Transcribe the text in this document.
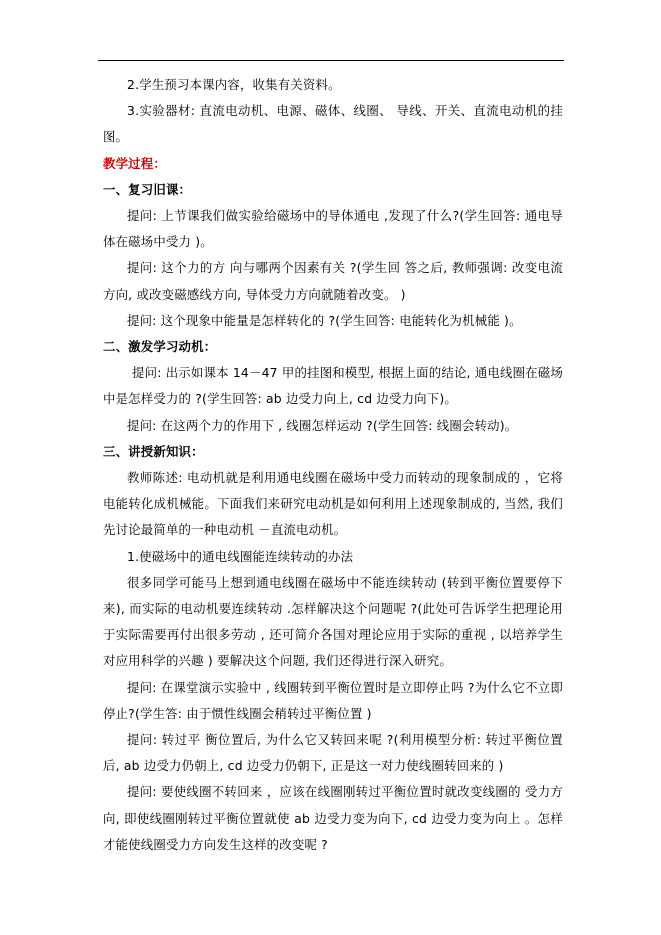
2.学生预习本课内容，收集有关资料。

3.实验器材: 直流电动机、电源、磁体、线圈、 导线、开关、直流电动机的挂图。

教学过程：

一、复习旧课：

提问: 上节课我们做实验给磁场中的导体通电 ,发现了什么?(学生回答: 通电导体在磁场中受力 )。

提问: 这个力的方 向与哪两个因素有关 ?(学生回 答之后, 教师强调: 改变电流方向, 或改变磁感线方向, 导体受力方向就随着改变。 )

提问: 这个现象中能量是怎样转化的 ?(学生回答: 电能转化为机械能 )。

二、激发学习动机：

提问: 出示如课本 14－47 甲的挂图和模型, 根据上面的结论, 通电线圈在磁场中是怎样受力的 ?(学生回答: ab 边受力向上, cd 边受力向下)。

提问: 在这两个力的作用下 , 线圈怎样运动 ?(学生回答: 线圈会转动)。

三、讲授新知识：

教师陈述: 电动机就是利用通电线圈在磁场中受力而转动的现象制成的 ，它将电能转化成机械能。下面我们来研究电动机是如何利用上述现象制成的, 当然, 我们先讨论最简单的一种电动机 －直流电动机。

1.使磁场中的通电线圈能连续转动的办法

很多同学可能马上想到通电线圈在磁场中不能连续转动 (转到平衡位置要停下来), 而实际的电动机要连续转动 .怎样解决这个问题呢 ?(此处可告诉学生把理论用于实际需要再付出很多劳动 , 还可简介各国对理论应用于实际的重视 , 以培养学生对应用科学的兴趣 ) 要解决这个问题, 我们还得进行深入研究。

提问: 在课堂演示实验中 , 线圈转到平衡位置时是立即停止吗 ?为什么它不立即停止?(学生答: 由于惯性线圈会稍转过平衡位置 )

提问: 转过平 衡位置后, 为什么它又转回来呢 ?(利用模型分析: 转过平衡位置后, ab 边受力仍朝上, cd 边受力仍朝下, 正是这一对力使线圈转回来的 )

提问: 要使线圈不转回来 ，应该在线圈刚转过平衡位置时就改变线圈的 受力方向, 即使线圈刚转过平衡位置就使 ab 边受力变为向下, cd 边受力变为向上 。怎样才能使线圈受力方向发生这样的改变呢 ?
